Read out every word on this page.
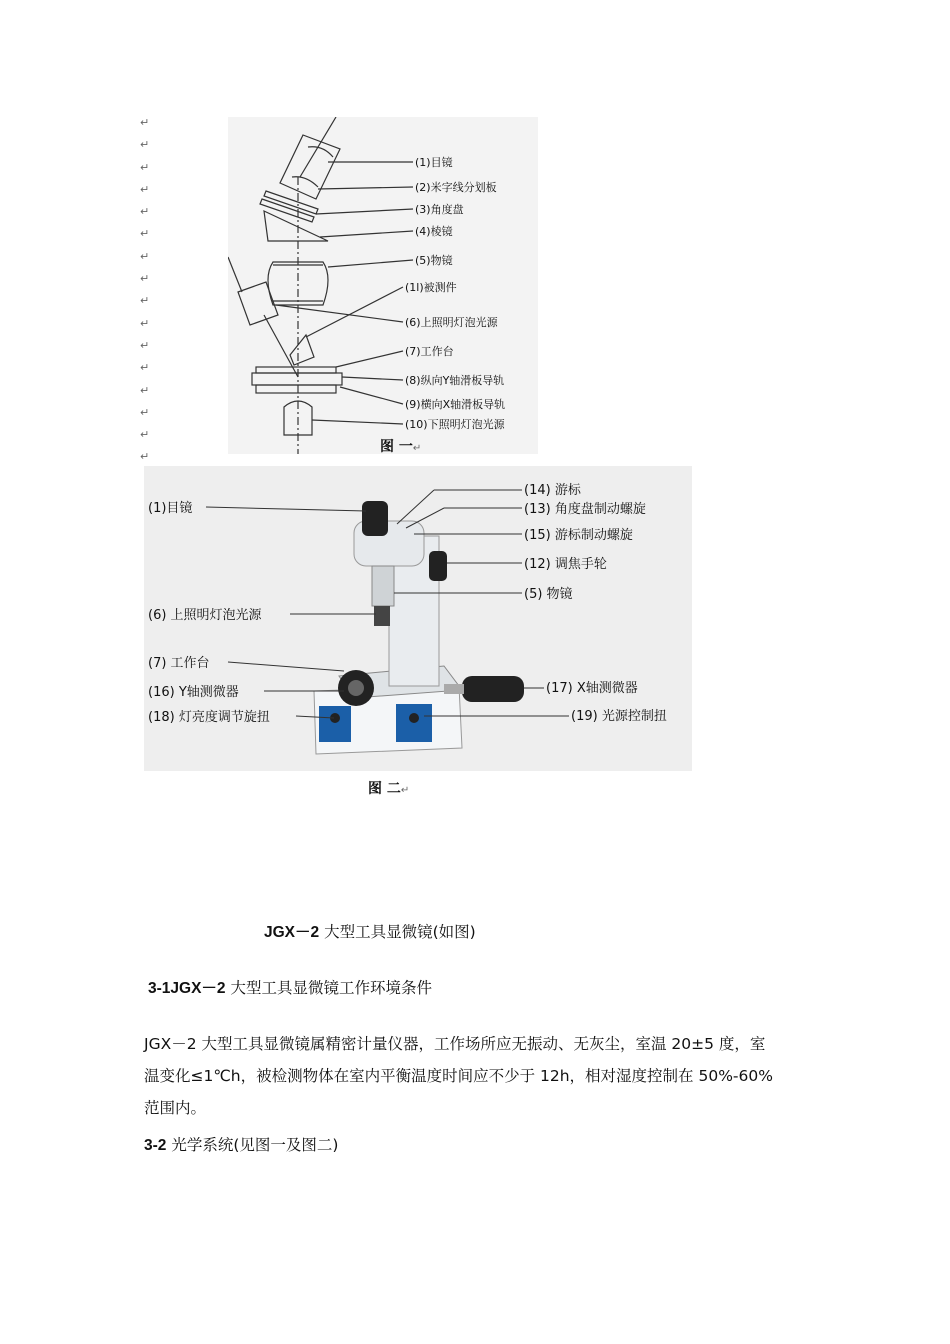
↵
↵
↵
↵
↵
↵
↵
↵
↵
↵
↵
↵
↵
↵
↵
↵
(1)目镜
(2)米字线分划板
(3)角度盘
(4)棱镜
(5)物镜
(1l)被测件
(6)上照明灯泡光源
(7)工作台
(8)纵向Y轴滑板导轨
(9)横向X轴滑板导轨
(10)下照明灯泡光源
图 一↵
(1)目镜
(6) 上照明灯泡光源
(7) 工作台
(16) Y轴测微器
(18) 灯亮度调节旋扭
(14) 游标
(13) 角度盘制动螺旋
(15) 游标制动螺旋
(12) 调焦手轮
(5) 物镜
(17) X轴测微器
(19) 光源控制扭
图 二↵
JGX－2 大型工具显微镜(如图)
3-1JGX－2 大型工具显微镜工作环境条件
JGX－2 大型工具显微镜属精密计量仪器，工作场所应无振动、无灰尘，室温 20±5 度，室
温变化≤1℃h，被检测物体在室内平衡温度时间应不少于 12h，相对湿度控制在 50%-60%
范围内。
3-2 光学系统(见图一及图二)
